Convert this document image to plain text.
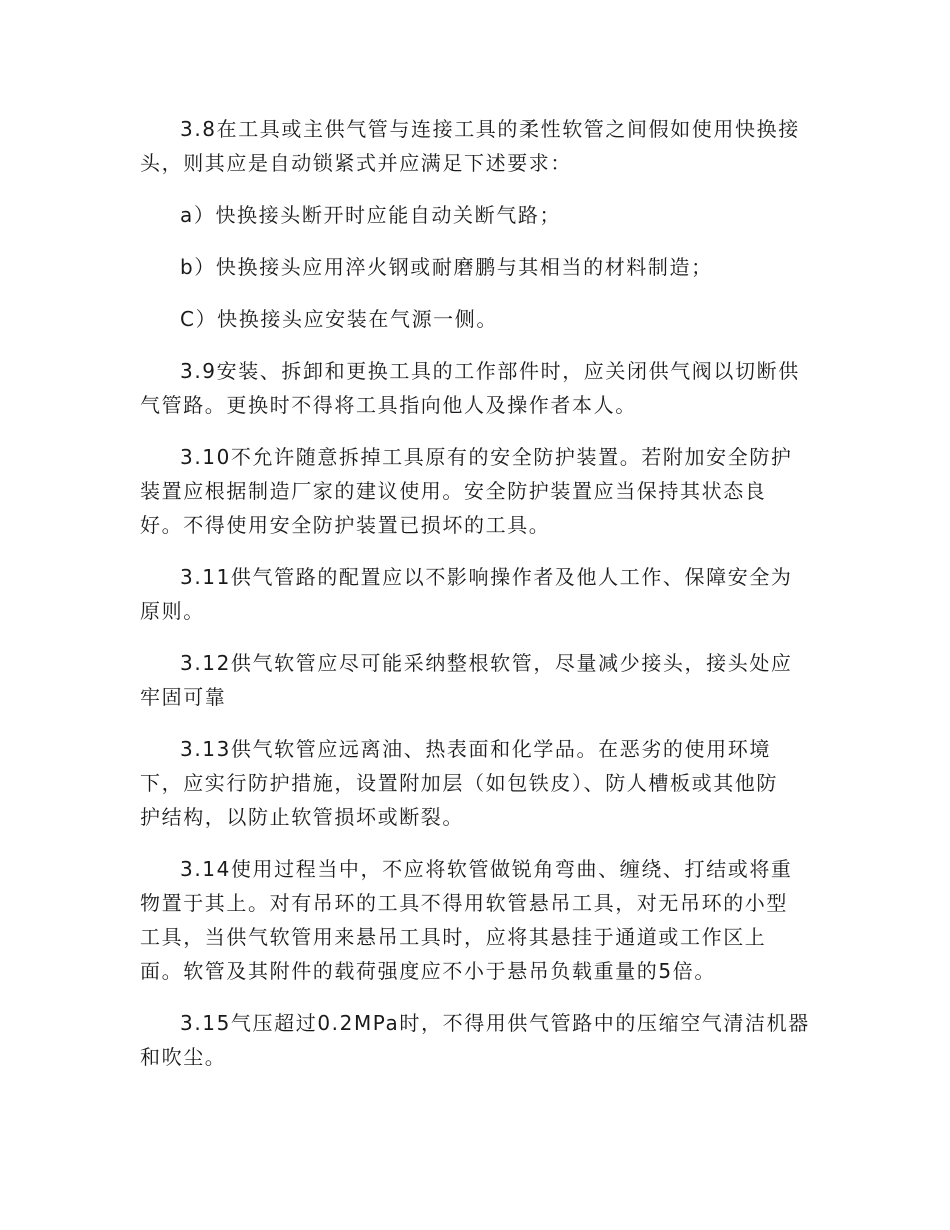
3.8在工具或主供气管与连接工具的柔性软管之间假如使用快换接
头，则其应是自动锁紧式并应满足下述要求：

a）快换接头断开时应能自动关断气路；

b）快换接头应用淬火钢或耐磨鹏与其相当的材料制造；

C）快换接头应安装在气源一侧。

3.9安装、拆卸和更换工具的工作部件时，应关闭供气阀以切断供
气管路。更换时不得将工具指向他人及操作者本人。

3.10不允许随意拆掉工具原有的安全防护装置。若附加安全防护
装置应根据制造厂家的建议使用。安全防护装置应当保持其状态良
好。不得使用安全防护装置已损坏的工具。

3.11供气管路的配置应以不影响操作者及他人工作、保障安全为
原则。

3.12供气软管应尽可能采纳整根软管，尽量减少接头，接头处应
牢固可靠

3.13供气软管应远离油、热表面和化学品。在恶劣的使用环境
下，应实行防护措施，设置附加层（如包铁皮）、防人槽板或其他防
护结构，以防止软管损坏或断裂。

3.14使用过程当中，不应将软管做锐角弯曲、缠绕、打结或将重
物置于其上。对有吊环的工具不得用软管悬吊工具，对无吊环的小型
工具，当供气软管用来悬吊工具时，应将其悬挂于通道或工作区上
面。软管及其附件的载荷强度应不小于悬吊负载重量的5倍。

3.15气压超过0.2MPa时，不得用供气管路中的压缩空气清洁机器
和吹尘。
